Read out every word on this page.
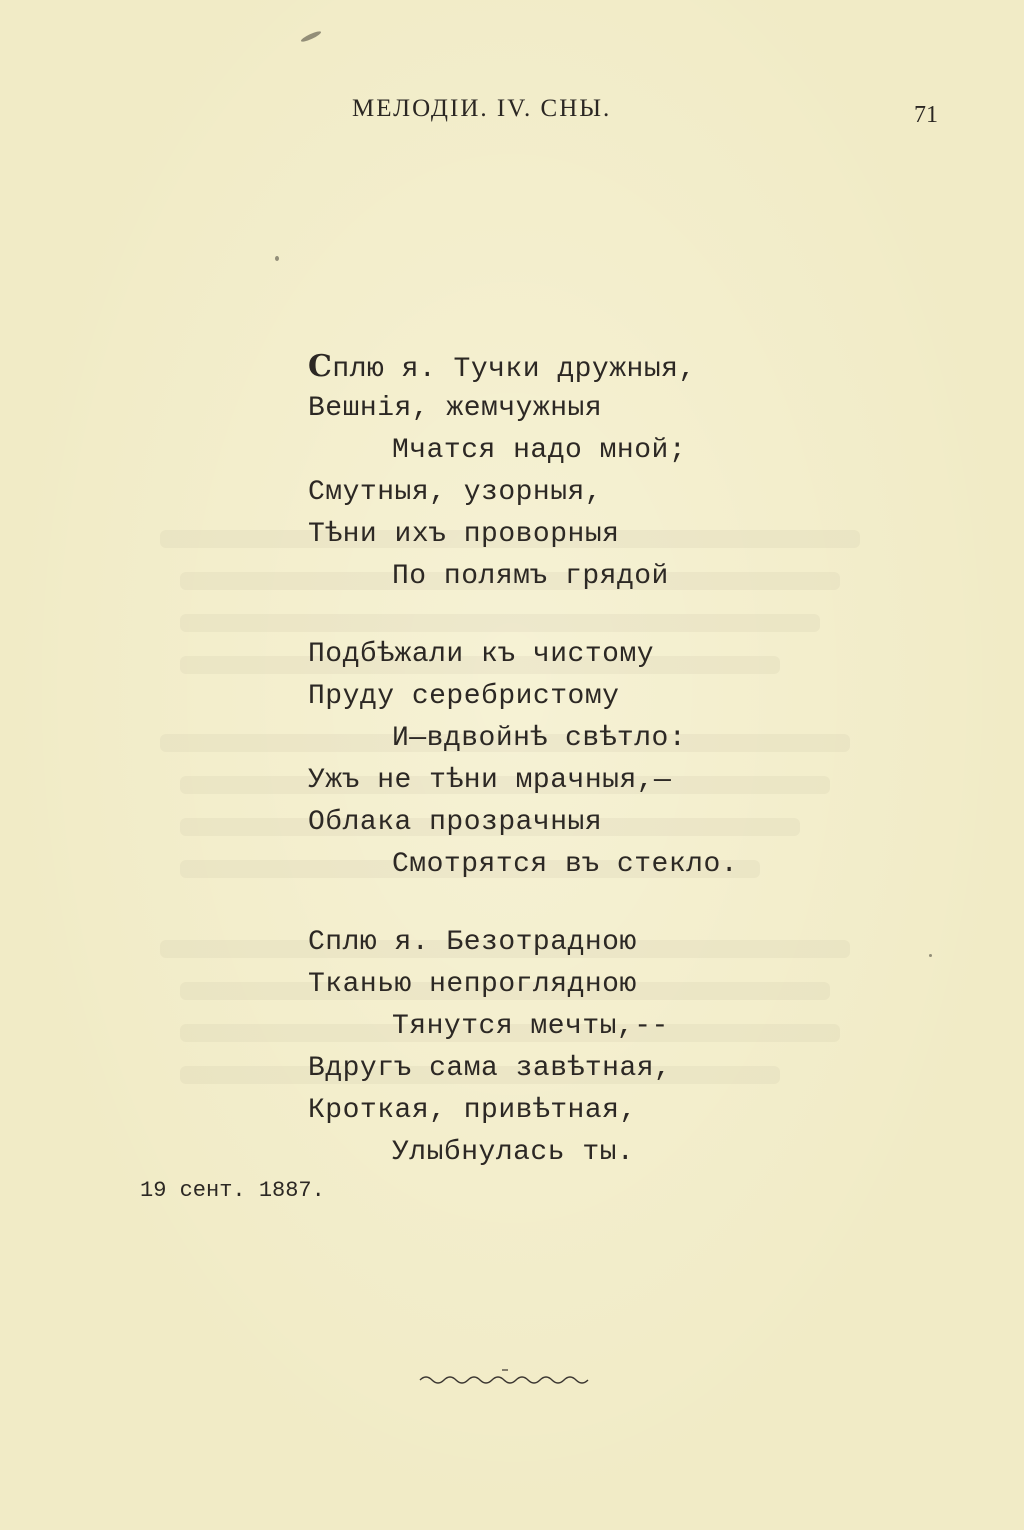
МЕЛОДIИ. IV. СНЫ.	71
Сплю я. Тучки дружныя,
Вешнiя, жемчужныя
Мчатся надо мной;
Смутныя, узорныя,
Тѣни ихъ проворныя
По полямъ грядой
Подбѣжали къ чистому
Пруду серебристому
И—вдвойнѣ свѣтло:
Ужъ не тѣни мрачныя,—
Облака прозрачныя
Смотрятся въ стекло.
Сплю я. Безотрадною
Тканью непроглядною
Тянутся мечты,--
Вдругъ сама завѣтная,
Кроткая, привѣтная,
Улыбнулась ты.
19 сент. 1887.
